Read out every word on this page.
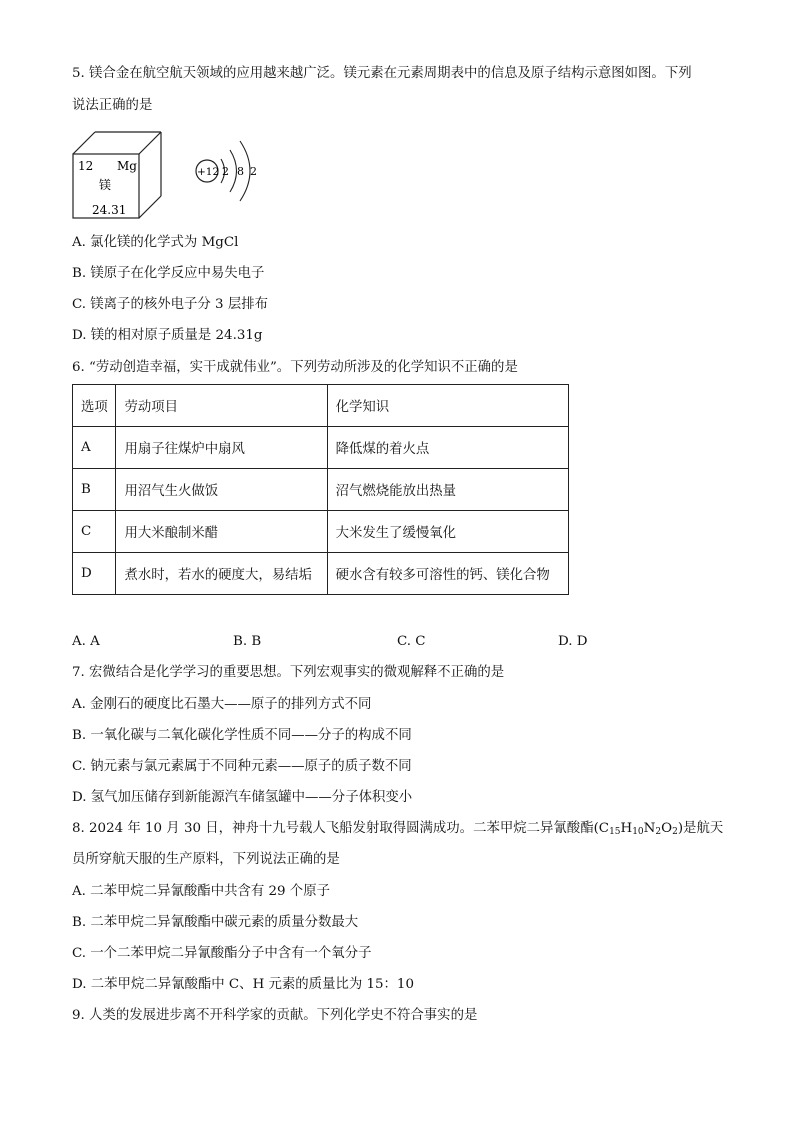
5. 镁合金在航空航天领域的应用越来越广泛。镁元素在元素周期表中的信息及原子结构示意图如图。下列
说法正确的是
12 Mg
镁
24.31
+12 2 8 2
A. 氯化镁的化学式为 MgCl
B. 镁原子在化学反应中易失电子
C. 镁离子的核外电子分 3 层排布
D. 镁的相对原子质量是 24.31g
6. “劳动创造幸福，实干成就伟业”。下列劳动所涉及的化学知识不正确的是
选项	劳动项目	化学知识
A	用扇子往煤炉中扇风	降低煤的着火点
B	用沼气生火做饭	沼气燃烧能放出热量
C	用大米酿制米醋	大米发生了缓慢氧化
D	煮水时，若水的硬度大，易结垢	硬水含有较多可溶性的钙、镁化合物
A. A	B. B	C. C	D. D
7. 宏微结合是化学学习的重要思想。下列宏观事实的微观解释不正确的是
A. 金刚石的硬度比石墨大——原子的排列方式不同
B. 一氧化碳与二氧化碳化学性质不同——分子的构成不同
C. 钠元素与氯元素属于不同种元素——原子的质子数不同
D. 氢气加压储存到新能源汽车储氢罐中——分子体积变小
8. 2024 年 10 月 30 日，神舟十九号载人飞船发射取得圆满成功。二苯甲烷二异氰酸酯$(C_{15}H_{10}N_2O_2)$是航天
员所穿航天服的生产原料，下列说法正确的是
A. 二苯甲烷二异氰酸酯中共含有 29 个原子
B. 二苯甲烷二异氰酸酯中碳元素的质量分数最大
C. 一个二苯甲烷二异氰酸酯分子中含有一个氧分子
D. 二苯甲烷二异氰酸酯中 C、H 元素的质量比为 15：10
9. 人类的发展进步离不开科学家的贡献。下列化学史不符合事实的是
